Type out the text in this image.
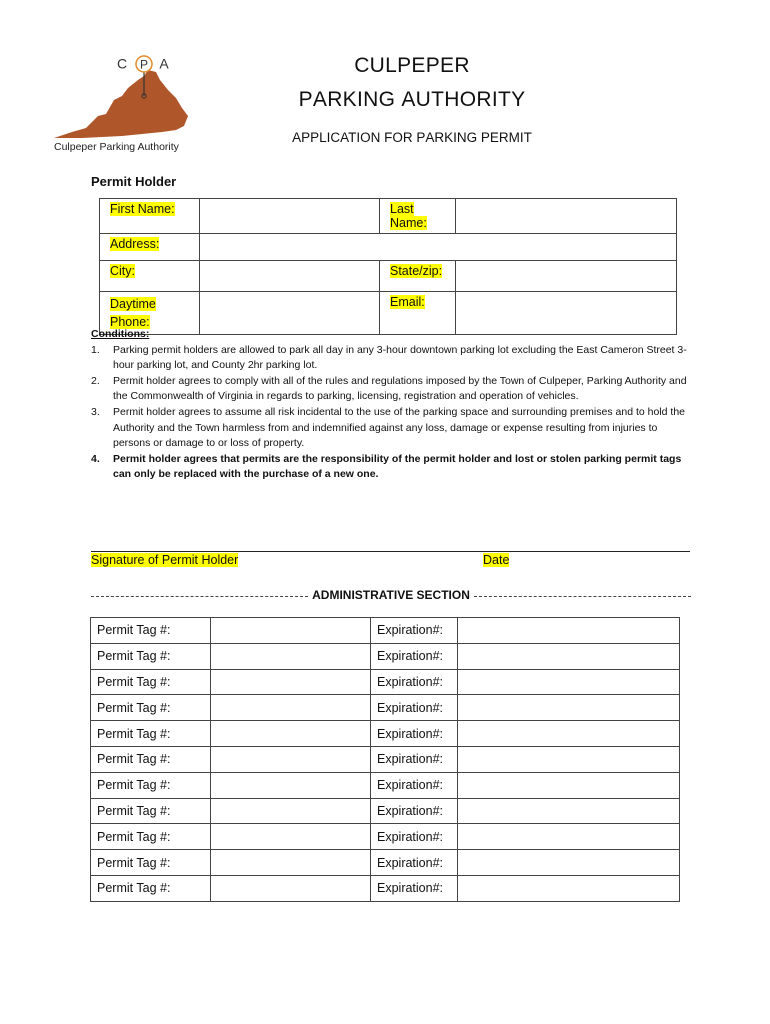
P
C A
Culpeper Parking Authority
CULPEPER
PARKING AUTHORITY
APPLICATION FOR PARKING PERMIT
Permit Holder
First Name:		Last Name:	
Address:			
City:		State/zip:	
Daytime
Phone:		Email:	
Conditions:
1. Parking permit holders are allowed to park all day in any 3-hour downtown parking lot excluding the East Cameron Street 3-hour parking lot, and County 2hr parking lot.
2. Permit holder agrees to comply with all of the rules and regulations imposed by the Town of Culpeper, Parking Authority and the Commonwealth of Virginia in regards to parking, licensing, registration and operation of vehicles.
3. Permit holder agrees to assume all risk incidental to the use of the parking space and surrounding premises and to hold the Authority and the Town harmless from and indemnified against any loss, damage or expense resulting from injuries to persons or damage to or loss of property.
4. Permit holder agrees that permits are the responsibility of the permit holder and lost or stolen parking permit tags can only be replaced with the purchase of a new one.
Signature of Permit Holder	Date
ADMINISTRATIVE SECTION
Permit Tag #:		Expiration#:	
Permit Tag #:		Expiration#:	
Permit Tag #:		Expiration#:	
Permit Tag #:		Expiration#:	
Permit Tag #:		Expiration#:	
Permit Tag #:		Expiration#:	
Permit Tag #:		Expiration#:	
Permit Tag #:		Expiration#:	
Permit Tag #:		Expiration#:	
Permit Tag #:		Expiration#:	
Permit Tag #:		Expiration#:	
